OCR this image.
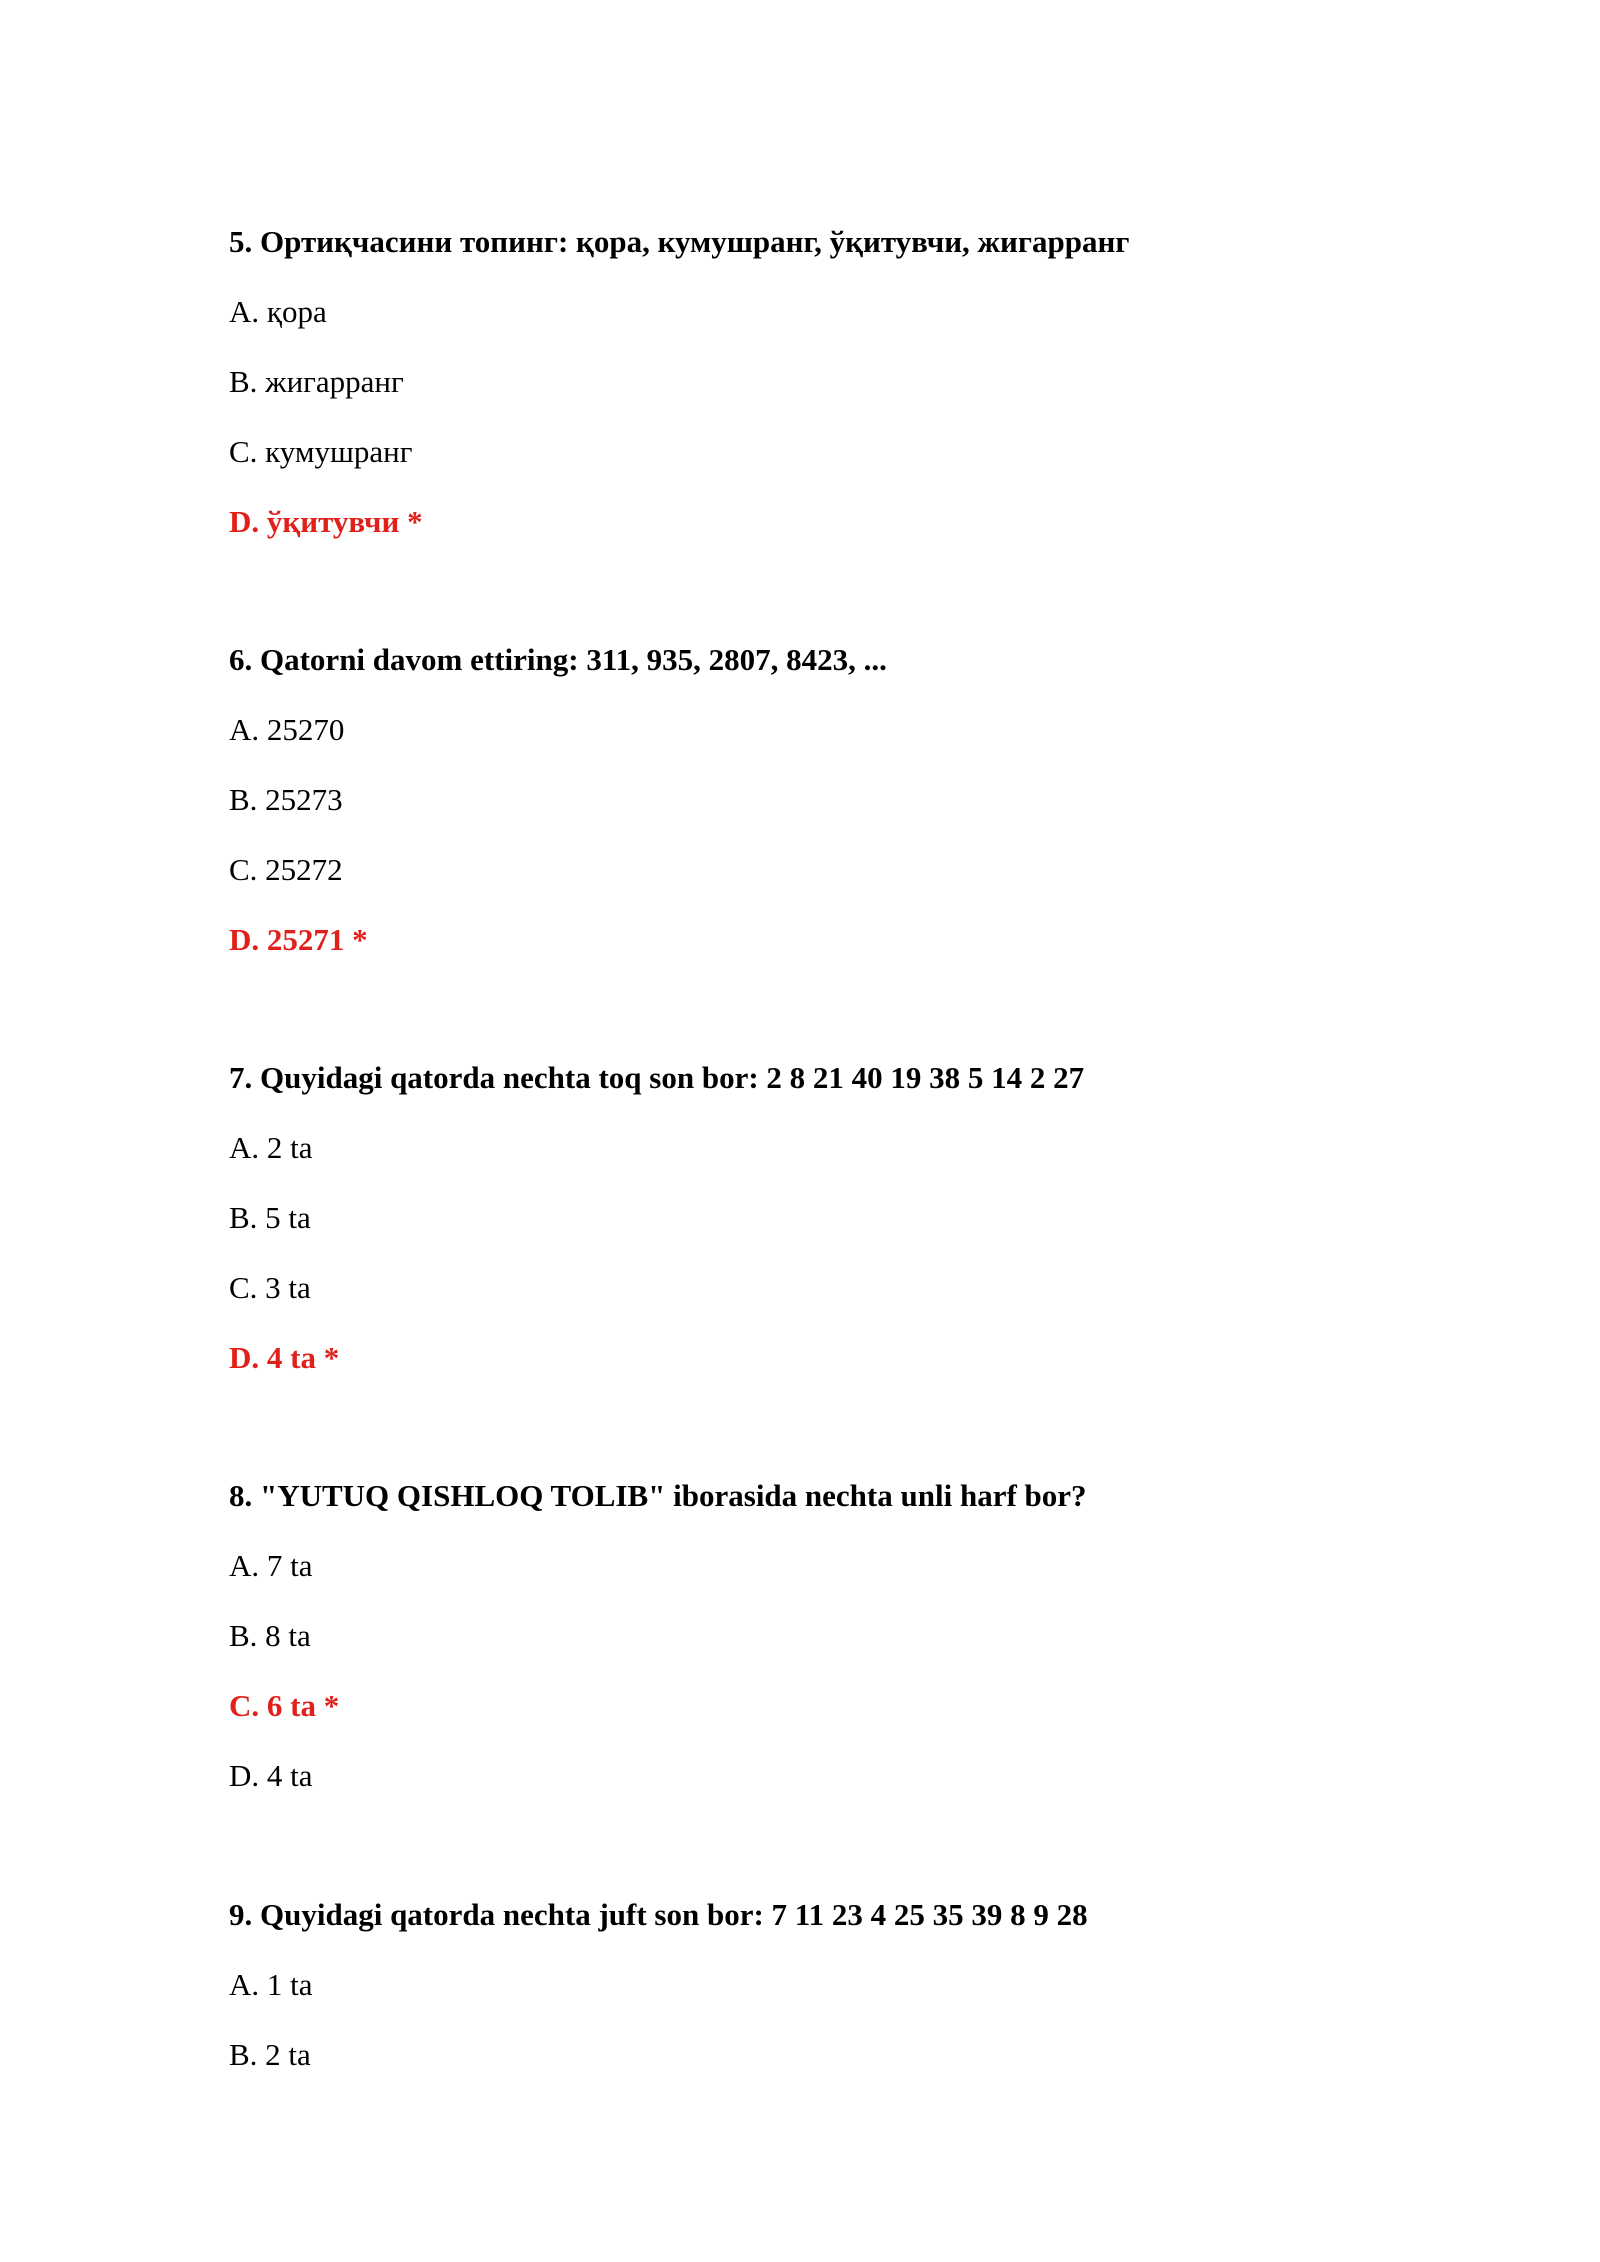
5. Ортиқчасини топинг: қора, кумушранг, ўқитувчи, жигарранг

A. қора

B. жигарранг

C. кумушранг

D. ўқитувчи *

6. Qatorni davom ettiring: 311, 935, 2807, 8423, ...

A. 25270

B. 25273

C. 25272

D. 25271 *

7. Quyidagi qatorda nechta toq son bor: 2 8 21 40 19 38 5 14 2 27

A. 2 ta

B. 5 ta

C. 3 ta

D. 4 ta *

8. "YUTUQ QISHLOQ TOLIB" iborasida nechta unli harf bor?

A. 7 ta

B. 8 ta

C. 6 ta *

D. 4 ta

9. Quyidagi qatorda nechta juft son bor: 7 11 23 4 25 35 39 8 9 28

A. 1 ta

B. 2 ta
